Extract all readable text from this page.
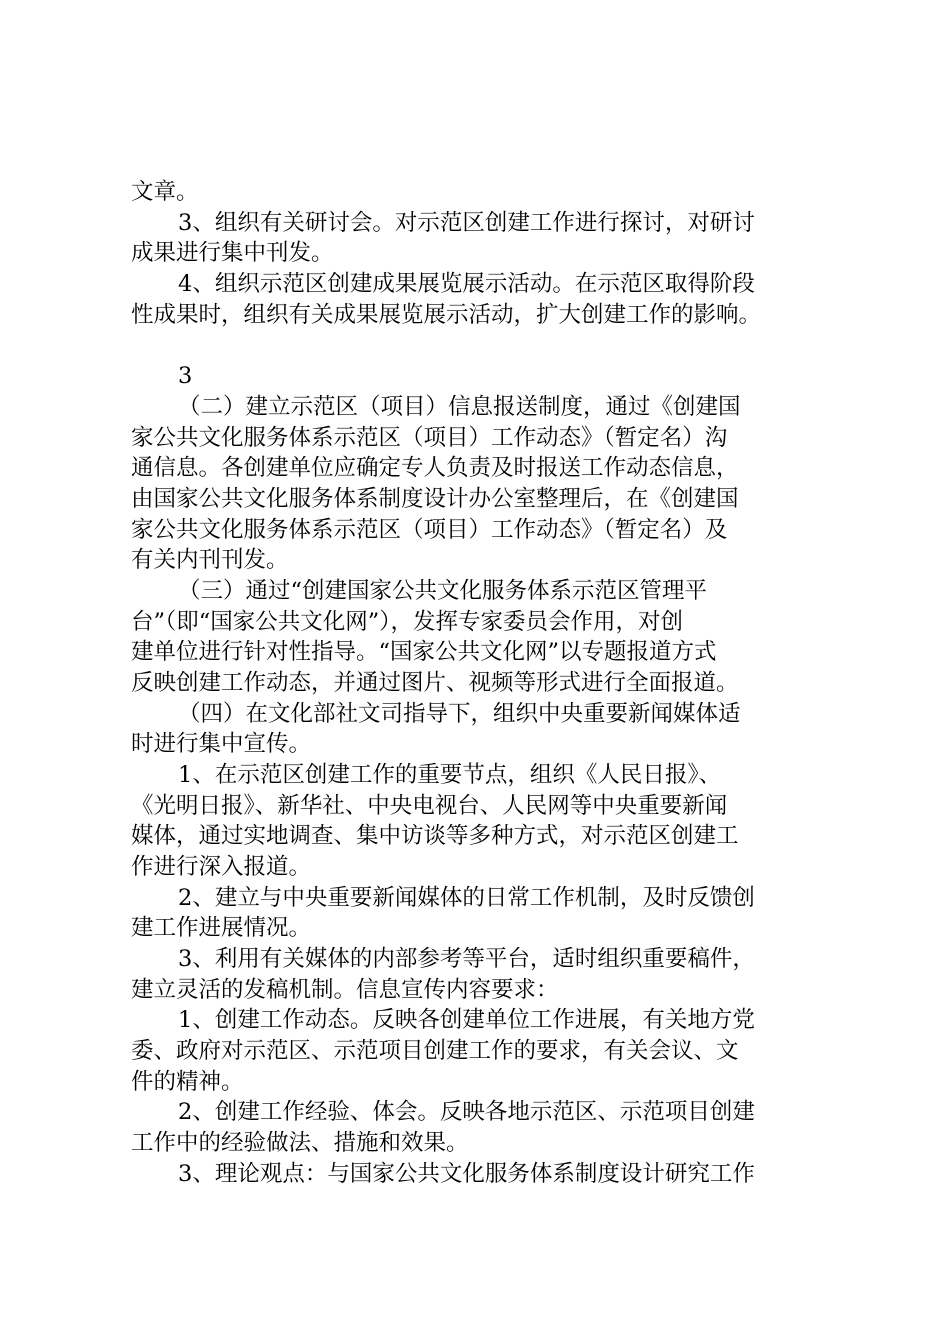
文章。
3、组织有关研讨会。对示范区创建工作进行探讨，对研讨
成果进行集中刊发。
4、组织示范区创建成果展览展示活动。在示范区取得阶段
性成果时，组织有关成果展览展示活动，扩大创建工作的影响。
3
（二）建立示范区（项目）信息报送制度，通过《创建国
家公共文化服务体系示范区（项目）工作动态》（暂定名）沟
通信息。各创建单位应确定专人负责及时报送工作动态信息，
由国家公共文化服务体系制度设计办公室整理后，在《创建国
家公共文化服务体系示范区（项目）工作动态》（暂定名）及
有关内刊刊发。
（三）通过“创建国家公共文化服务体系示范区管理平
台”（即“国家公共文化网”），发挥专家委员会作用，对创
建单位进行针对性指导。“国家公共文化网”以专题报道方式
反映创建工作动态，并通过图片、视频等形式进行全面报道。
（四）在文化部社文司指导下，组织中央重要新闻媒体适
时进行集中宣传。
1、在示范区创建工作的重要节点，组织《人民日报》、
《光明日报》、新华社、中央电视台、人民网等中央重要新闻
媒体，通过实地调查、集中访谈等多种方式，对示范区创建工
作进行深入报道。
2、建立与中央重要新闻媒体的日常工作机制，及时反馈创
建工作进展情况。
3、利用有关媒体的内部参考等平台，适时组织重要稿件，
建立灵活的发稿机制。信息宣传内容要求：
1、创建工作动态。反映各创建单位工作进展，有关地方党
委、政府对示范区、示范项目创建工作的要求，有关会议、文
件的精神。
2、创建工作经验、体会。反映各地示范区、示范项目创建
工作中的经验做法、措施和效果。
3、理论观点：与国家公共文化服务体系制度设计研究工作
